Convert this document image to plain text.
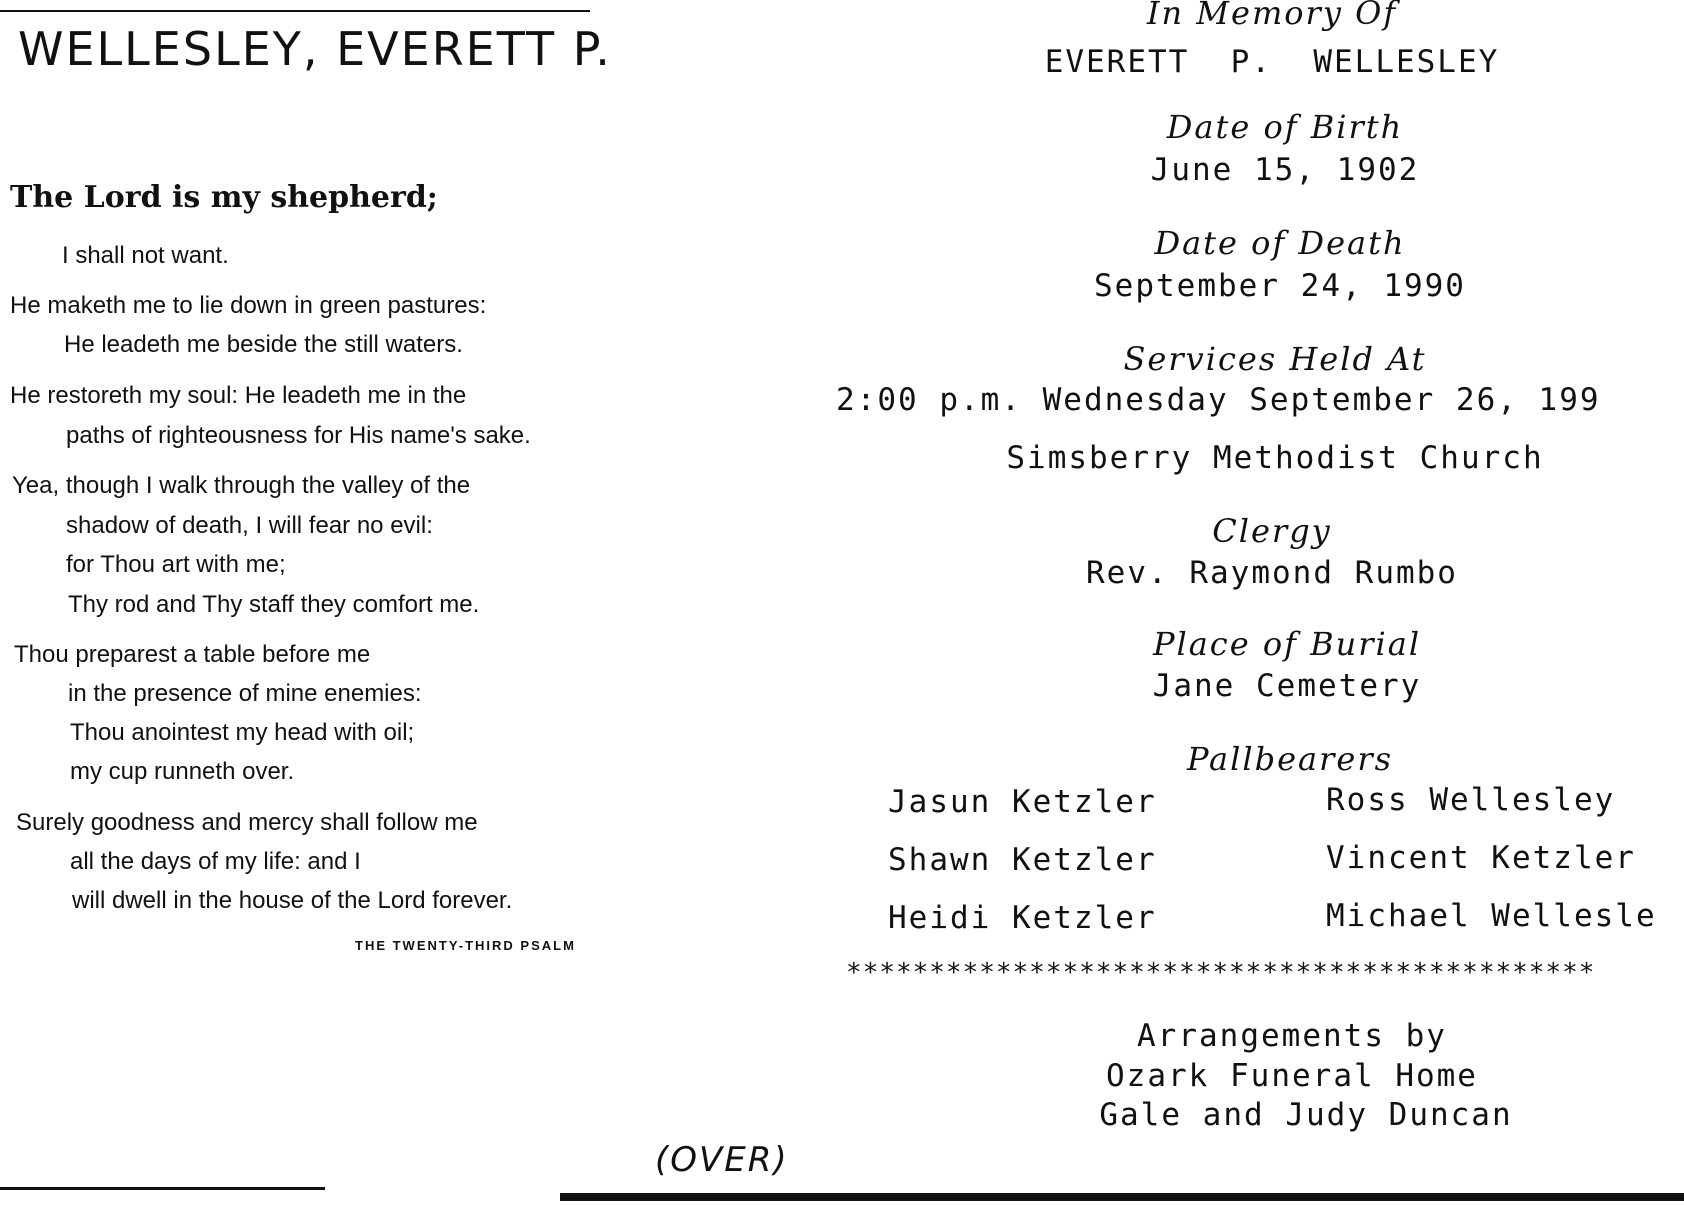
WELLESLEY, EVERETT P.
The Lord is my shepherd;
I shall not want.
He maketh me to lie down in green pastures:
He leadeth me beside the still waters.
He restoreth my soul: He leadeth me in the
paths of righteousness for His name's sake.
Yea, though I walk through the valley of the
shadow of death, I will fear no evil:
for Thou art with me;
Thy rod and Thy staff they comfort me.
Thou preparest a table before me
in the presence of mine enemies:
Thou anointest my head with oil;
my cup runneth over.
Surely goodness and mercy shall follow me
all the days of my life: and I
will dwell in the house of the Lord forever.
THE TWENTY-THIRD PSALM
(OVER)
In Memory Of
EVERETT  P.  WELLESLEY
Date of Birth
June 15, 1902
Date of Death
September 24, 1990
Services Held At
2:00 p.m. Wednesday September 26, 199
Simsberry Methodist Church
Clergy
Rev. Raymond Rumbo
Place of Burial
Jane Cemetery
Pallbearers
Jasun Ketzler	Ross Wellesley
Shawn Ketzler	Vincent Ketzler
Heidi Ketzler	Michael Welleslе
*********************************************
Arrangements by
Ozark Funeral Home
Gale and Judy Duncan
